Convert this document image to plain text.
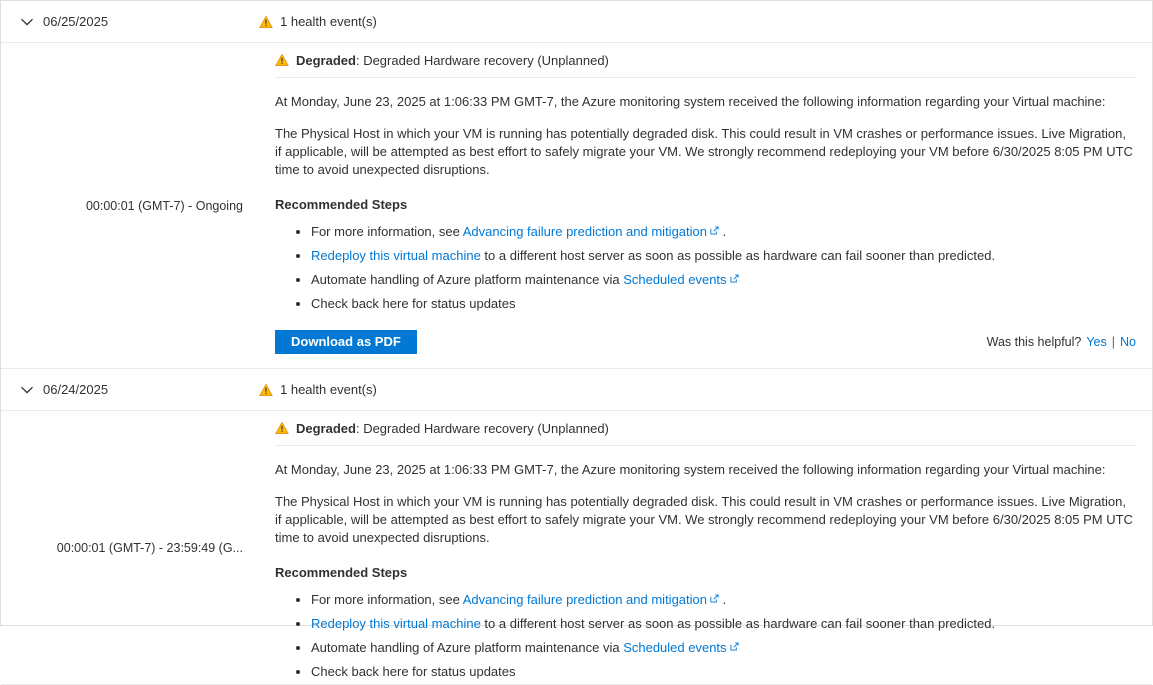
06/25/2025	1 health event(s)
00:00:01 (GMT-7) - Ongoing
Degraded : Degraded Hardware recovery (Unplanned)

At Monday, June 23, 2025 at 1:06:33 PM GMT-7, the Azure monitoring system received the following information regarding your Virtual machine:

The Physical Host in which your VM is running has potentially degraded disk. This could result in VM crashes or performance issues. Live Migration, if applicable, will be attempted as best effort to safely migrate your VM. We strongly recommend redeploying your VM before 6/30/2025 8:05 PM UTC time to avoid unexpected disruptions.

Recommended Steps

• For more information, see Advancing failure prediction and mitigation
.
• Redeploy this virtual machine to a different host server as soon as possible as hardware can fail sooner than predicted.
• Automate handling of Azure platform maintenance via Scheduled events
• Check back here for status updates
Download as PDF	Was this helpful? Yes | No
06/24/2025	1 health event(s)
00:00:01 (GMT-7) - 23:59:49 (G...
Degraded : Degraded Hardware recovery (Unplanned)

At Monday, June 23, 2025 at 1:06:33 PM GMT-7, the Azure monitoring system received the following information regarding your Virtual machine:

The Physical Host in which your VM is running has potentially degraded disk. This could result in VM crashes or performance issues. Live Migration, if applicable, will be attempted as best effort to safely migrate your VM. We strongly recommend redeploying your VM before 6/30/2025 8:05 PM UTC time to avoid unexpected disruptions.

Recommended Steps

• For more information, see Advancing failure prediction and mitigation
.
• Redeploy this virtual machine to a different host server as soon as possible as hardware can fail sooner than predicted.
• Automate handling of Azure platform maintenance via Scheduled events
• Check back here for status updates
